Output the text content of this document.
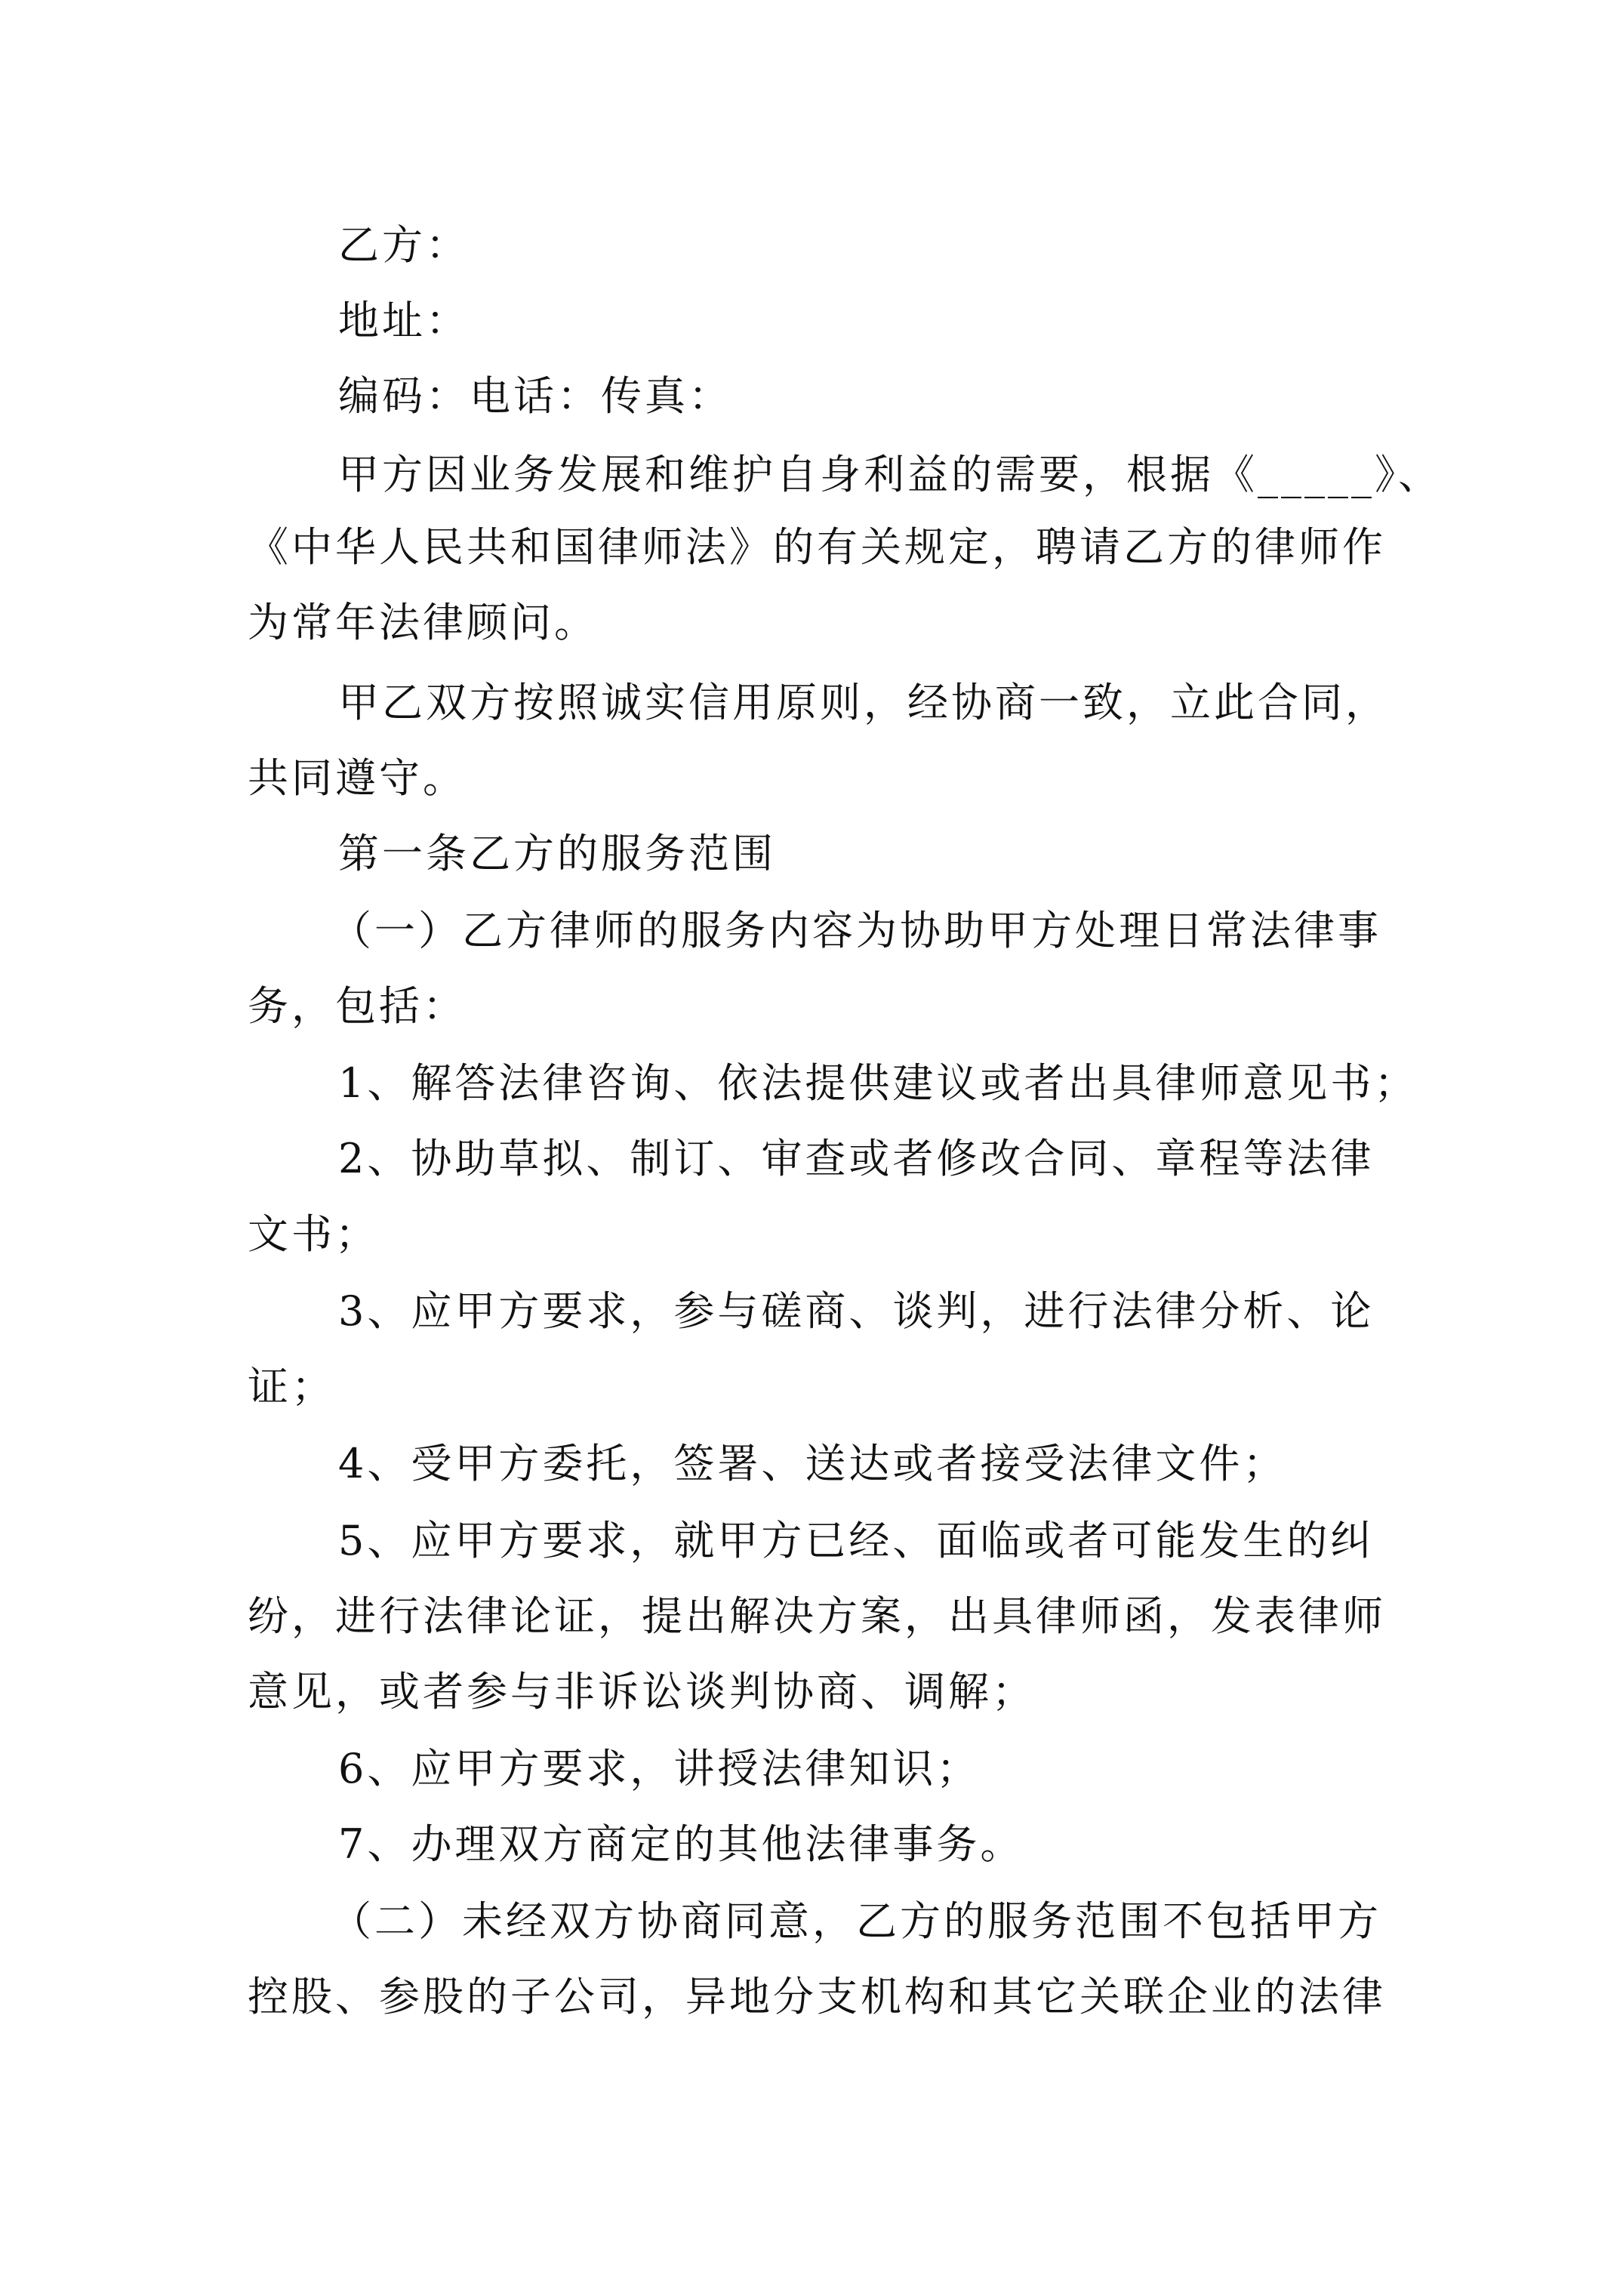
乙方：
地址：
编码：电话：传真：
甲方因业务发展和维护自身利益的需要，根据《_____》、
《中华人民共和国律师法》的有关规定，聘请乙方的律师作
为常年法律顾问。
甲乙双方按照诚实信用原则，经协商一致，立此合同，
共同遵守。
第一条乙方的服务范围
（一）乙方律师的服务内容为协助甲方处理日常法律事
务，包括：
1、解答法律咨询、依法提供建议或者出具律师意见书；
2、协助草拟、制订、审查或者修改合同、章程等法律
文书；
3、应甲方要求，参与磋商、谈判，进行法律分析、论
证；
4、受甲方委托，签署、送达或者接受法律文件；
5、应甲方要求，就甲方已经、面临或者可能发生的纠
纷，进行法律论证，提出解决方案，出具律师函，发表律师
意见，或者参与非诉讼谈判协商、调解；
6、应甲方要求，讲授法律知识；
7、办理双方商定的其他法律事务。
（二）未经双方协商同意，乙方的服务范围不包括甲方
控股、参股的子公司，异地分支机构和其它关联企业的法律
